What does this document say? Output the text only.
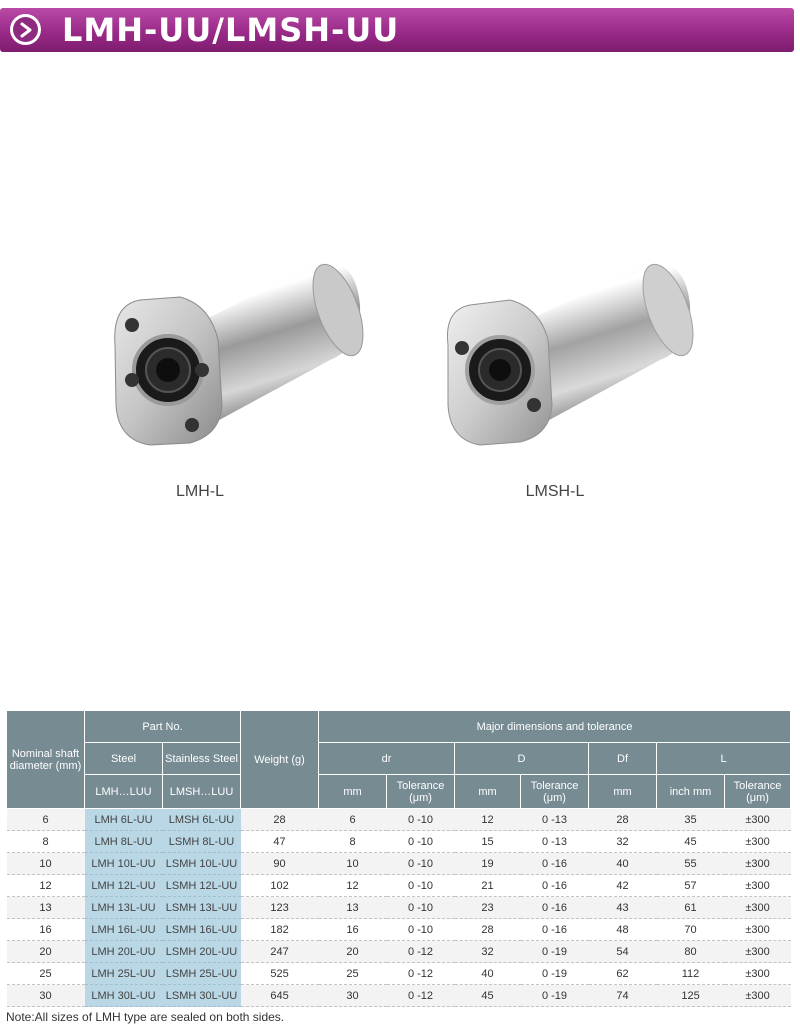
LMH-UU/LMSH-UU
LMH-L	LMSH-L
Nominal shaft diameter (mm)	Part No.		Weight (g)	Major dimensions and tolerance						
	Steel	Stainless Steel		dr		D		Df	L	
	LMH…LUU	LMSH…LUU		mm	Tolerance (μm)	mm	Tolerance (μm)	mm	inch mm	Tolerance (μm)
6	LMH 6L-UU	LMSH 6L-UU	28	6	0 -10	12	0 -13	28	35	±300
8	LMH 8L-UU	LSMH 8L-UU	47	8	0 -10	15	0 -13	32	45	±300
10	LMH 10L-UU	LSMH 10L-UU	90	10	0 -10	19	0 -16	40	55	±300
12	LMH 12L-UU	LSMH 12L-UU	102	12	0 -10	21	0 -16	42	57	±300
13	LMH 13L-UU	LSMH 13L-UU	123	13	0 -10	23	0 -16	43	61	±300
16	LMH 16L-UU	LSMH 16L-UU	182	16	0 -10	28	0 -16	48	70	±300
20	LMH 20L-UU	LSMH 20L-UU	247	20	0 -12	32	0 -19	54	80	±300
25	LMH 25L-UU	LSMH 25L-UU	525	25	0 -12	40	0 -19	62	112	±300
30	LMH 30L-UU	LSMH 30L-UU	645	30	0 -12	45	0 -19	74	125	±300
Note:All sizes of LMH type are sealed on both sides.
